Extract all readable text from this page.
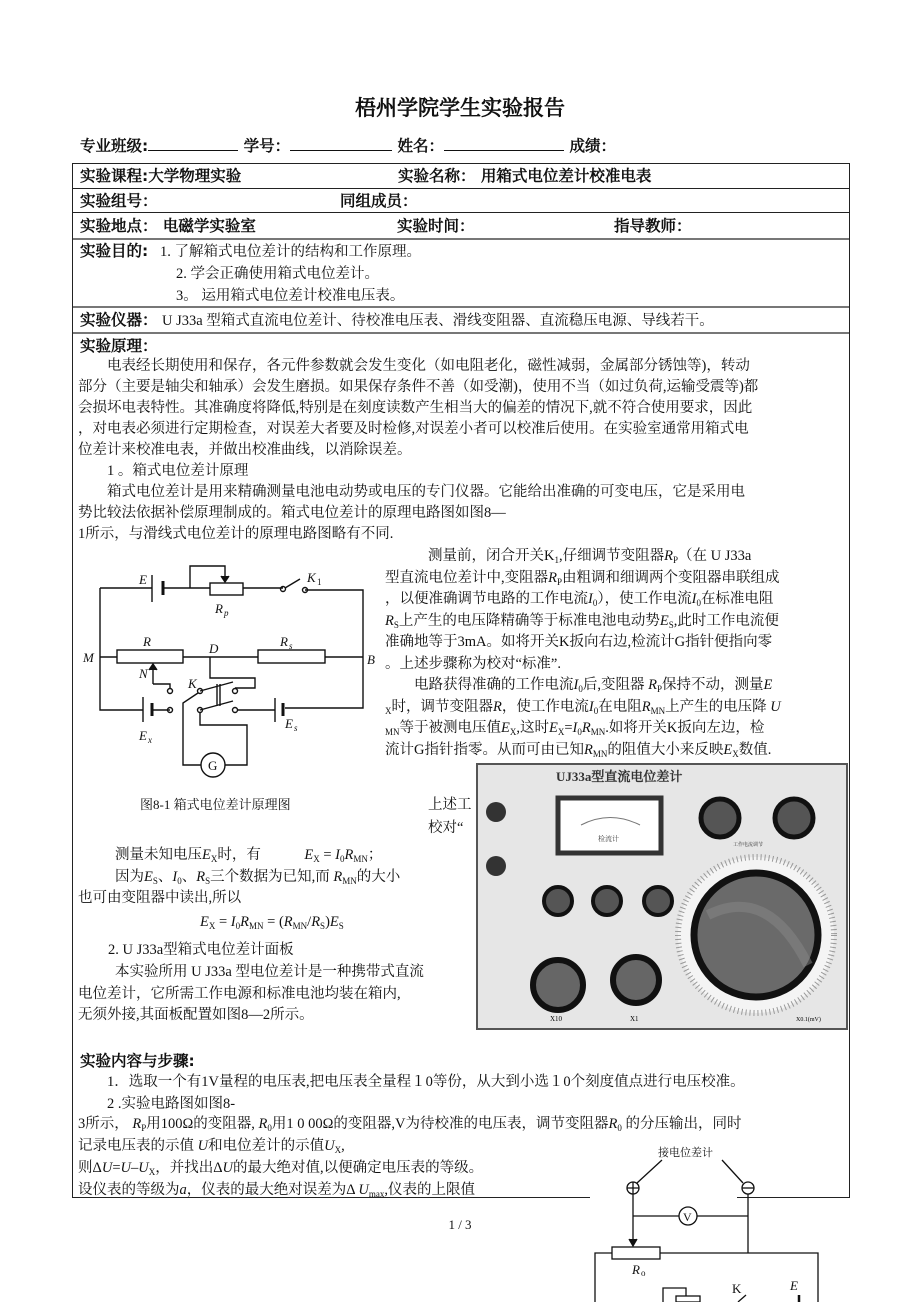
梧州学院学生实验报告
专业班级:	学号：	姓名：	成绩：
实验课程:大学物理实验	实验名称： 用箱式电位差计校准电表
实验组号：	同组成员：
实验地点： 电磁学实验室	实验时间：	指导教师：
实验目的: 1. 了解箱式电位差计的结构和工作原理。
2. 学会正确使用箱式电位差计。
3。 运用箱式电位差计校准电压表。
实验仪器： U J33a 型箱式直流电位差计、待校准电压表、滑线变阻器、直流稳压电源、导线若干。
实验原理：
　　电表经长期使用和保存，各元件参数就会发生变化（如电阻老化，磁性减弱，金属部分锈蚀等)，转动
部分（主要是轴尖和轴承）会发生磨损。如果保存条件不善（如受潮)，使用不当（如过负荷,运输受震等)都
会损坏电表特性。其准确度将降低,特别是在刻度读数产生相当大的偏差的情况下,就不符合使用要求，因此
，对电表必须进行定期检查，对误差大者要及时检修,对误差小者可以校准后使用。在实验室通常用箱式电
位差计来校准电表，并做出校准曲线，以消除误差。
　　1 。箱式电位差计原理
　　箱式电位差计是用来精确测量电池电动势或电压的专门仪器。它能给出准确的可变电压，它是采用电
势比较法依据补偿原理制成的。箱式电位差计的原理电路图如图8—
1所示，与滑线式电位差计的原理电路图略有不同.
测量前，闭合开关$K_1$,仔细调节变阻器$R_P$（在 U J33a
型直流电位差计中,变阻器$R_P$由粗调和细调两个变阻器串联组成
，以便准确调节电路的工作电流$I_0$），使工作电流$I_0$在标准电阻
$R_S$上产生的电压降精确等于标准电池电动势$E_S$,此时工作电流便
准确地等于3mA。如将开关K扳向右边,检流计G指针便指向零
。上述步骤称为校对“标准”.
　　电路获得准确的工作电流$I_0$后,变阻器 $R_P$保持不动，测量E
$_X$时，调节变阻器R，使工作电流$I_0$在电阻$R_{MN}$上产生的电压降 U
$_{MN}$等于被测电压值$E_X$,这时$E_X=I_0R_{MN}$.如将开关K扳向左边，检
流计G指针指零。从而可由已知$R_{MN}$的阻值大小来反映$E_X$数值.
测量未知电压$E_X$时，有　　　$E_X = I_0R_{MN}$；
因为$E_S$、$I_0$、$R_S$三个数据为已知,而 $R_{MN}$的大小
也可由变阻器中读出,所以
$E_X = I_0R_{MN} = (R_{MN}/R_S)E_S$
2. U J33a型箱式电位差计面板
本实验所用 U J33a 型电位差计是一种携带式直流
电位差计，它所需工作电源和标准电池均装在箱内,
无须外接,其面板配置如图8—2所示。
E
R p
K 1
M
R	D	R s
B
N
K
E x
E s
G
图8-1 箱式电位差计原理图	上述工
校对“
UJ33a型直流电位差计
检流计
工作电流调节
X10	X1	X0.1(mV)
实验内容与步骤:
　　1．选取一个有1V量程的电压表,把电压表全量程１0等份，从大到小选１0个刻度值点进行电压校准。
　　2 .实验电路图如图8-
3所示， $R_P$用100Ω的变阻器, $R_0$用1 0 00Ω的变阻器,V为待校准的电压表，调节变阻器$R_0$ 的分压输出，同时
记录电压表的示值 U和电位差计的示值$U_X$,
则$\Delta U=U-U_X$，并找出ΔU的最大绝对值,以便确定电压表的等级。
设仪表的等级为a，仪表的最大绝对误差为Δ $U_{max}$,仪表的上限值
接电位差计
V
R o
K	E
1 / 3
